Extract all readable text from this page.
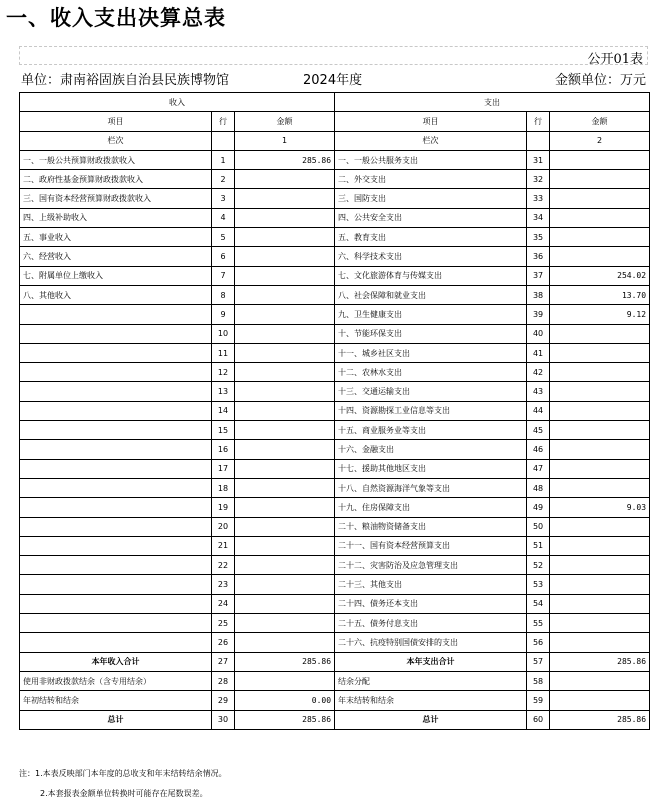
一、收入支出决算总表
公开01表
单位：肃南裕固族自治县民族博物馆	2024年度	金额单位：万元
收入			支出		
项目	行	金额	项目	行	金额
栏次		1	栏次		2
一、一般公共预算财政拨款收入	1	285.86	一、一般公共服务支出	31	
二、政府性基金预算财政拨款收入	2		二、外交支出	32	
三、国有资本经营预算财政拨款收入	3		三、国防支出	33	
四、上级补助收入	4		四、公共安全支出	34	
五、事业收入	5		五、教育支出	35	
六、经营收入	6		六、科学技术支出	36	
七、附属单位上缴收入	7		七、文化旅游体育与传媒支出	37	254.02
八、其他收入	8		八、社会保障和就业支出	38	13.70
	9		九、卫生健康支出	39	9.12
	10		十、节能环保支出	40	
	11		十一、城乡社区支出	41	
	12		十二、农林水支出	42	
	13		十三、交通运输支出	43	
	14		十四、资源勘探工业信息等支出	44	
	15		十五、商业服务业等支出	45	
	16		十六、金融支出	46	
	17		十七、援助其他地区支出	47	
	18		十八、自然资源海洋气象等支出	48	
	19		十九、住房保障支出	49	9.03
	20		二十、粮油物资储备支出	50	
	21		二十一、国有资本经营预算支出	51	
	22		二十二、灾害防治及应急管理支出	52	
	23		二十三、其他支出	53	
	24		二十四、债务还本支出	54	
	25		二十五、债务付息支出	55	
	26		二十六、抗疫特别国债安排的支出	56	
本年收入合计	27	285.86	本年支出合计	57	285.86
使用非财政拨款结余（含专用结余）	28		结余分配	58	
年初结转和结余	29	0.00	年末结转和结余	59	
总计	30	285.86	总计	60	285.86
注：1.本表反映部门本年度的总收支和年末结转结余情况。
2.本套报表金额单位转换时可能存在尾数误差。
